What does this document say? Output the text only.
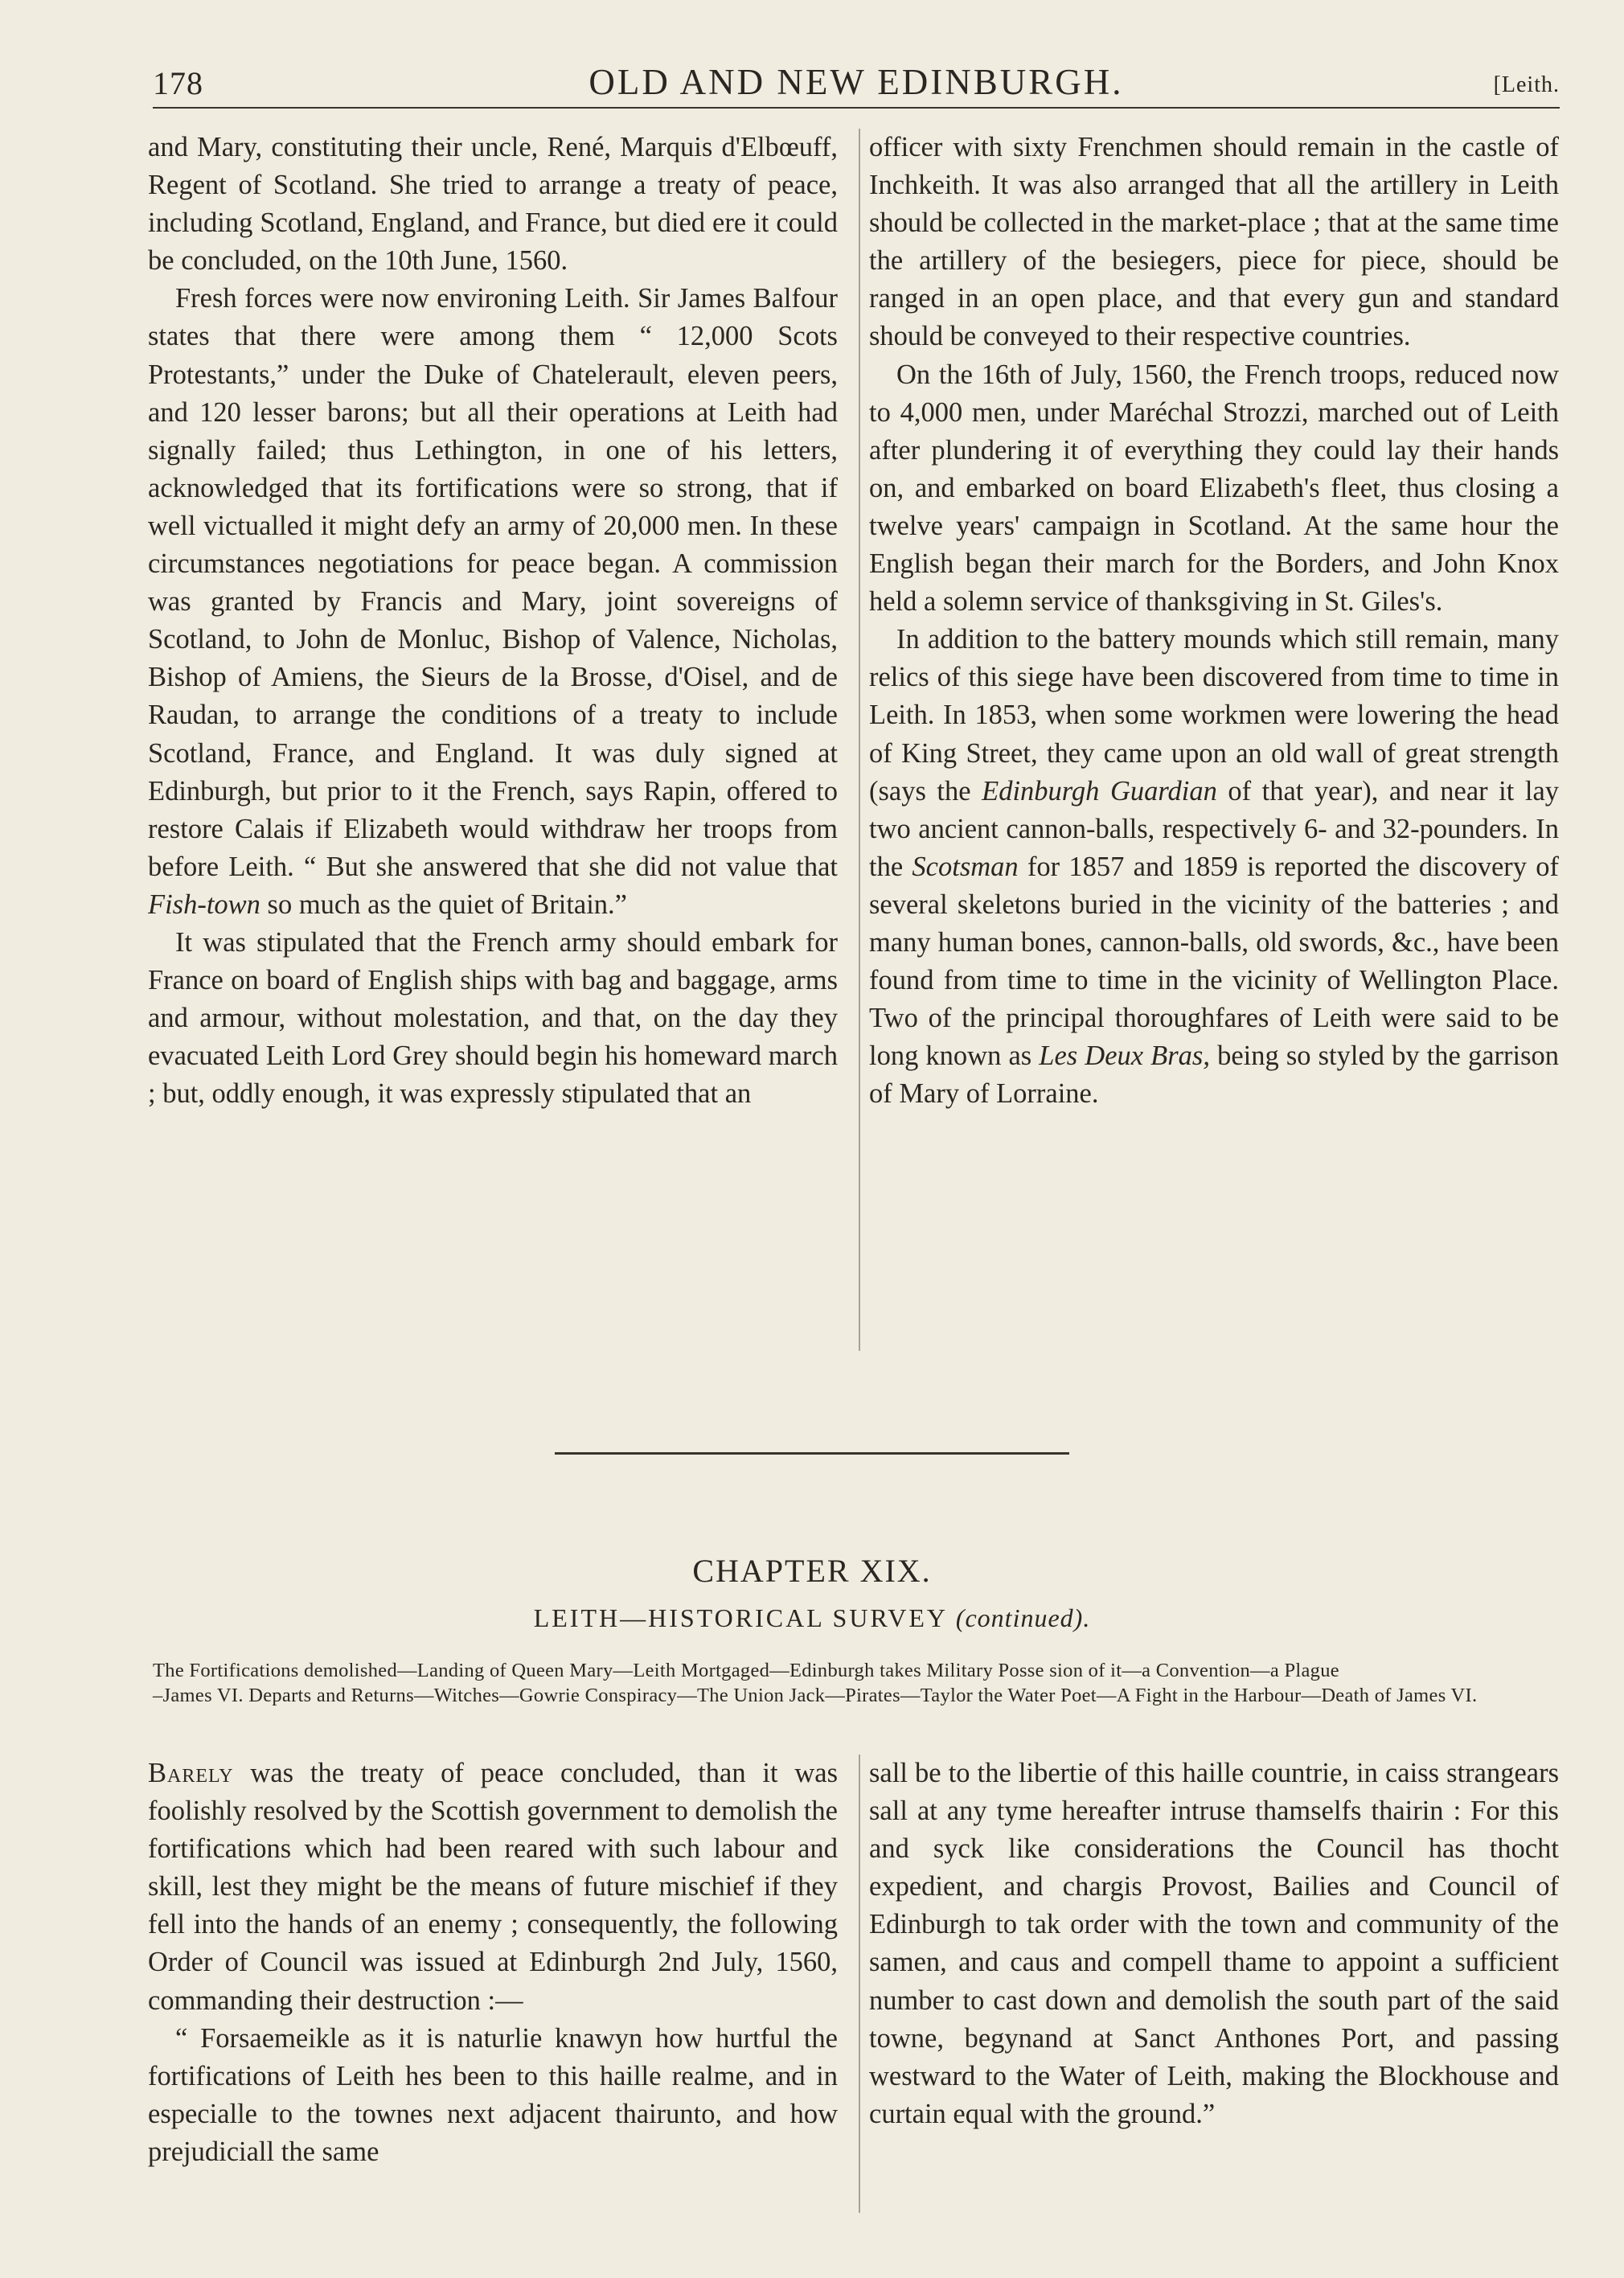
178	OLD AND NEW EDINBURGH.	[Leith.

and Mary, constituting their uncle, René, Marquis d'Elbœuff, Regent of Scotland. She tried to arrange a treaty of peace, including Scotland, England, and France, but died ere it could be concluded, on the 10th June, 1560.

Fresh forces were now environing Leith. Sir James Balfour states that there were among them “ 12,000 Scots Protestants,” under the Duke of Chatelerault, eleven peers, and 120 lesser barons; but all their operations at Leith had signally failed; thus Lethington, in one of his letters, acknowledged that its fortifications were so strong, that if well victualled it might defy an army of 20,000 men. In these circumstances negotiations for peace began. A commission was granted by Francis and Mary, joint sovereigns of Scotland, to John de Monluc, Bishop of Valence, Nicholas, Bishop of Amiens, the Sieurs de la Brosse, d'Oisel, and de Raudan, to arrange the conditions of a treaty to include Scotland, France, and England. It was duly signed at Edinburgh, but prior to it the French, says Rapin, offered to restore Calais if Elizabeth would withdraw her troops from before Leith. “ But she answered that she did not value that Fish-town so much as the quiet of Britain.”

It was stipulated that the French army should embark for France on board of English ships with bag and baggage, arms and armour, without molestation, and that, on the day they evacuated Leith Lord Grey should begin his homeward march ; but, oddly enough, it was expressly stipulated that an

officer with sixty Frenchmen should remain in the castle of Inchkeith. It was also arranged that all the artillery in Leith should be collected in the market-place ; that at the same time the artillery of the besiegers, piece for piece, should be ranged in an open place, and that every gun and standard should be conveyed to their respective countries.

On the 16th of July, 1560, the French troops, reduced now to 4,000 men, under Maréchal Strozzi, marched out of Leith after plundering it of everything they could lay their hands on, and embarked on board Elizabeth's fleet, thus closing a twelve years' campaign in Scotland. At the same hour the English began their march for the Borders, and John Knox held a solemn service of thanksgiving in St. Giles's.

In addition to the battery mounds which still remain, many relics of this siege have been discovered from time to time in Leith. In 1853, when some workmen were lowering the head of King Street, they came upon an old wall of great strength (says the Edinburgh Guardian of that year), and near it lay two ancient cannon-balls, respectively 6- and 32-pounders. In the Scotsman for 1857 and 1859 is reported the discovery of several skeletons buried in the vicinity of the batteries ; and many human bones, cannon-balls, old swords, &c., have been found from time to time in the vicinity of Wellington Place. Two of the principal thoroughfares of Leith were said to be long known as Les Deux Bras, being so styled by the garrison of Mary of Lorraine.

CHAPTER XIX.
LEITH—HISTORICAL SURVEY (continued).
The Fortifications demolished—Landing of Queen Mary—Leith Mortgaged—Edinburgh takes Military Posse sion of it—a Convention—a Plague
–James VI. Departs and Returns—Witches—Gowrie Conspiracy—The Union Jack—Pirates—Taylor the Water Poet—A Fight in the Harbour—Death of James VI.

Barely was the treaty of peace concluded, than it was foolishly resolved by the Scottish government to demolish the fortifications which had been reared with such labour and skill, lest they might be the means of future mischief if they fell into the hands of an enemy ; consequently, the following Order of Council was issued at Edinburgh 2nd July, 1560, commanding their destruction :—

“ Forsaemeikle as it is naturlie knawyn how hurtful the fortifications of Leith hes been to this haille realme, and in especialle to the townes next adjacent thairunto, and how prejudiciall the same

sall be to the libertie of this haille countrie, in caiss strangears sall at any tyme hereafter intruse thamselfs thairin : For this and syck like considerations the Council has thocht expedient, and chargis Provost, Bailies and Council of Edinburgh to tak order with the town and community of the samen, and caus and compell thame to appoint a sufficient number to cast down and demolish the south part of the said towne, begynand at Sanct Anthones Port, and passing westward to the Water of Leith, making the Blockhouse and curtain equal with the ground.”
